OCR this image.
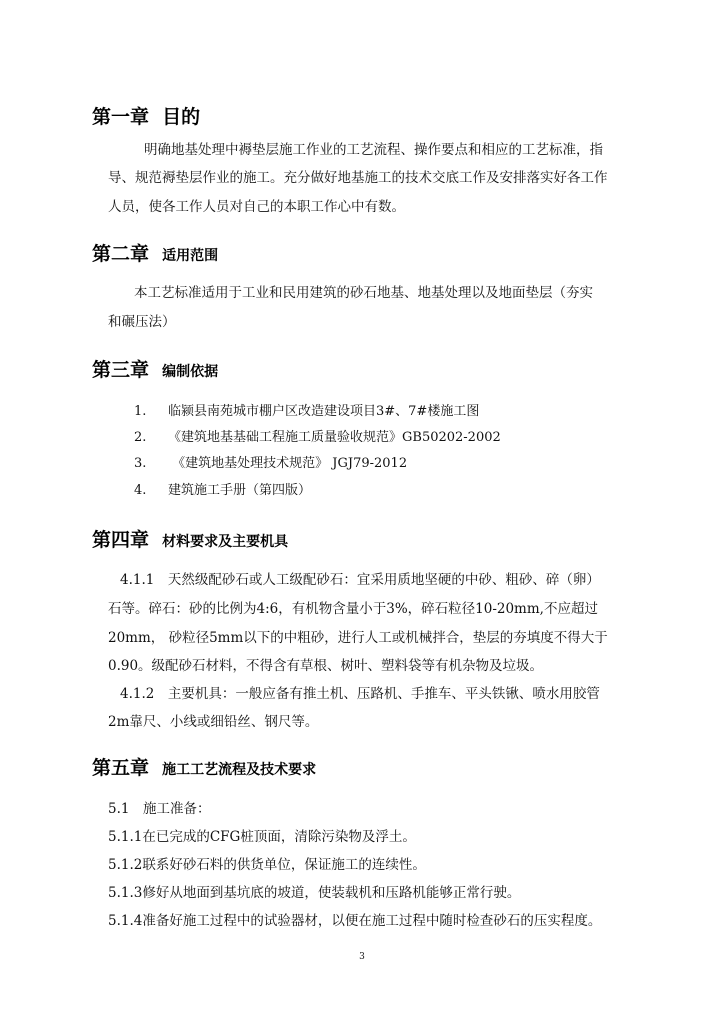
第一章 目的
明确地基处理中褥垫层施工作业的工艺流程、操作要点和相应的工艺标准，指
导、规范褥垫层作业的施工。充分做好地基施工的技术交底工作及安排落实好各工作
人员，使各工作人员对自己的本职工作心中有数。
第二章 适用范围
本工艺标准适用于工业和民用建筑的砂石地基、地基处理以及地面垫层（夯实
和碾压法）
第三章 编制依据
1. 临颍县南苑城市棚户区改造建设项目3#、7#楼施工图
2. 《建筑地基基础工程施工质量验收规范》GB50202-2002
3. 《建筑地基处理技术规范》 JGJ79-2012
4. 建筑施工手册（第四版）
第四章 材料要求及主要机具
4.1.1　天然级配砂石或人工级配砂石：宜采用质地坚硬的中砂、粗砂、碎（卵）
石等。碎石：砂的比例为4:6，有机物含量小于3%，碎石粒径10-20mm,不应超过
20mm， 砂粒径5mm以下的中粗砂，进行人工或机械拌合，垫层的夯填度不得大于
0.90。级配砂石材料，不得含有草根、树叶、塑料袋等有机杂物及垃圾。
4.1.2　主要机具：一般应备有推土机、压路机、手推车、平头铁锹、喷水用胶管
2m靠尺、小线或细铅丝、钢尺等。
第五章 施工工艺流程及技术要求
5.1　施工准备：
5.1.1在已完成的CFG桩顶面，清除污染物及浮土。
5.1.2联系好砂石料的供货单位，保证施工的连续性。
5.1.3修好从地面到基坑底的坡道，使装载机和压路机能够正常行驶。
5.1.4准备好施工过程中的试验器材，以便在施工过程中随时检查砂石的压实程度。
3
